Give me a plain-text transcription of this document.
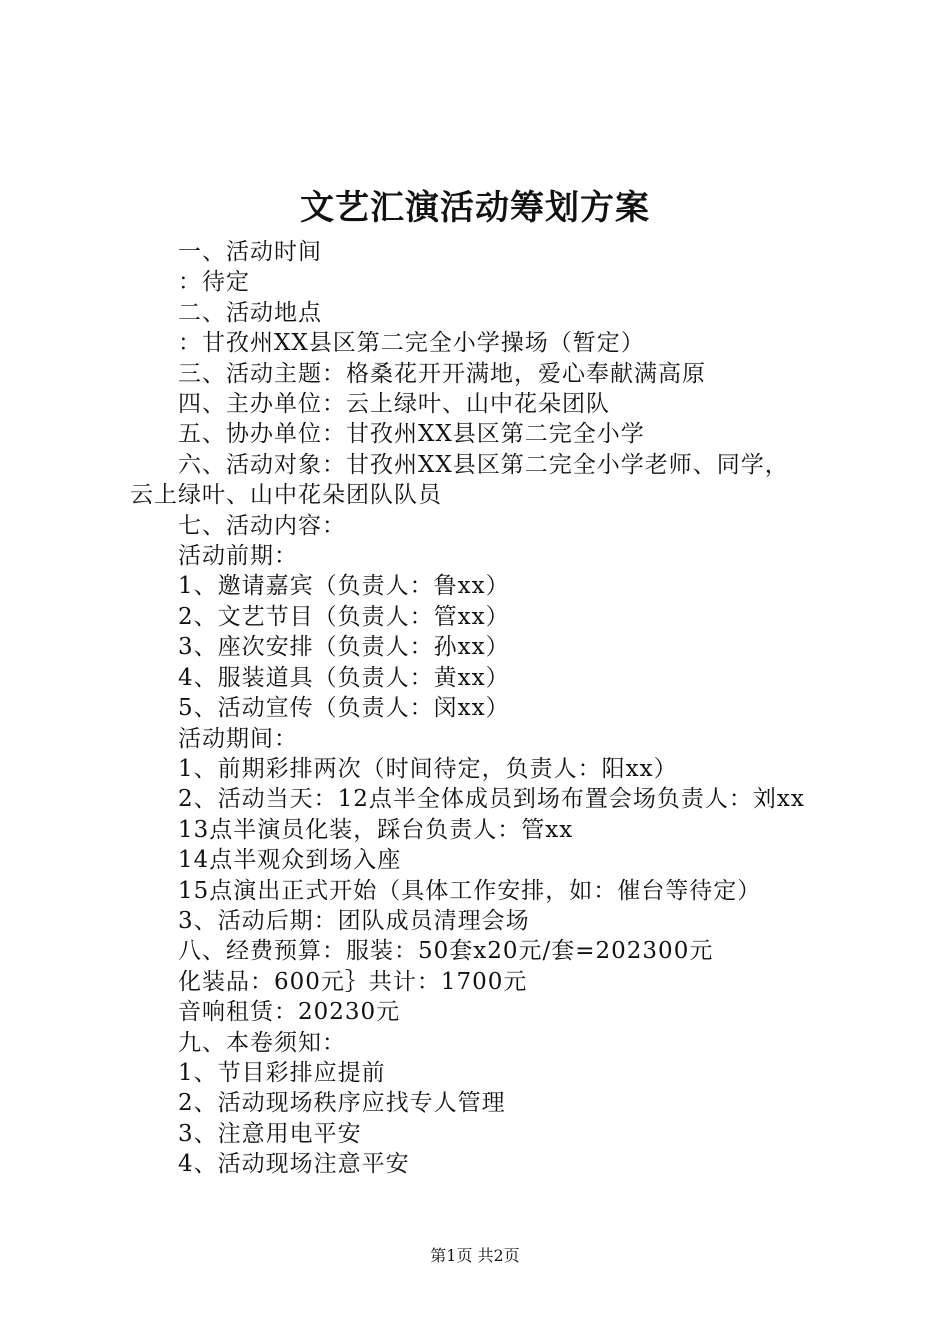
文艺汇演活动筹划方案
一、活动时间
：待定
二、活动地点
：甘孜州XX县区第二完全小学操场（暂定）
三、活动主题：格桑花开开满地，爱心奉献满高原
四、主办单位：云上绿叶、山中花朵团队
五、协办单位：甘孜州XX县区第二完全小学
六、活动对象：甘孜州XX县区第二完全小学老师、同学，
云上绿叶、山中花朵团队队员
七、活动内容：
活动前期：
1、邀请嘉宾（负责人：鲁xx）
2、文艺节目（负责人：管xx）
3、座次安排（负责人：孙xx）
4、服装道具（负责人：黄xx）
5、活动宣传（负责人：闵xx）
活动期间：
1、前期彩排两次（时间待定，负责人：阳xx）
2、活动当天：12点半全体成员到场布置会场负责人：刘xx
13点半演员化装，踩台负责人：管xx
14点半观众到场入座
15点演出正式开始（具体工作安排，如：催台等待定）
3、活动后期：团队成员清理会场
八、经费预算：服装：50套x20元/套=202300元
化装品：600元｝共计：1700元
音响租赁：20230元
九、本卷须知：
1、节目彩排应提前
2、活动现场秩序应找专人管理
3、注意用电平安
4、活动现场注意平安
第1页 共2页
